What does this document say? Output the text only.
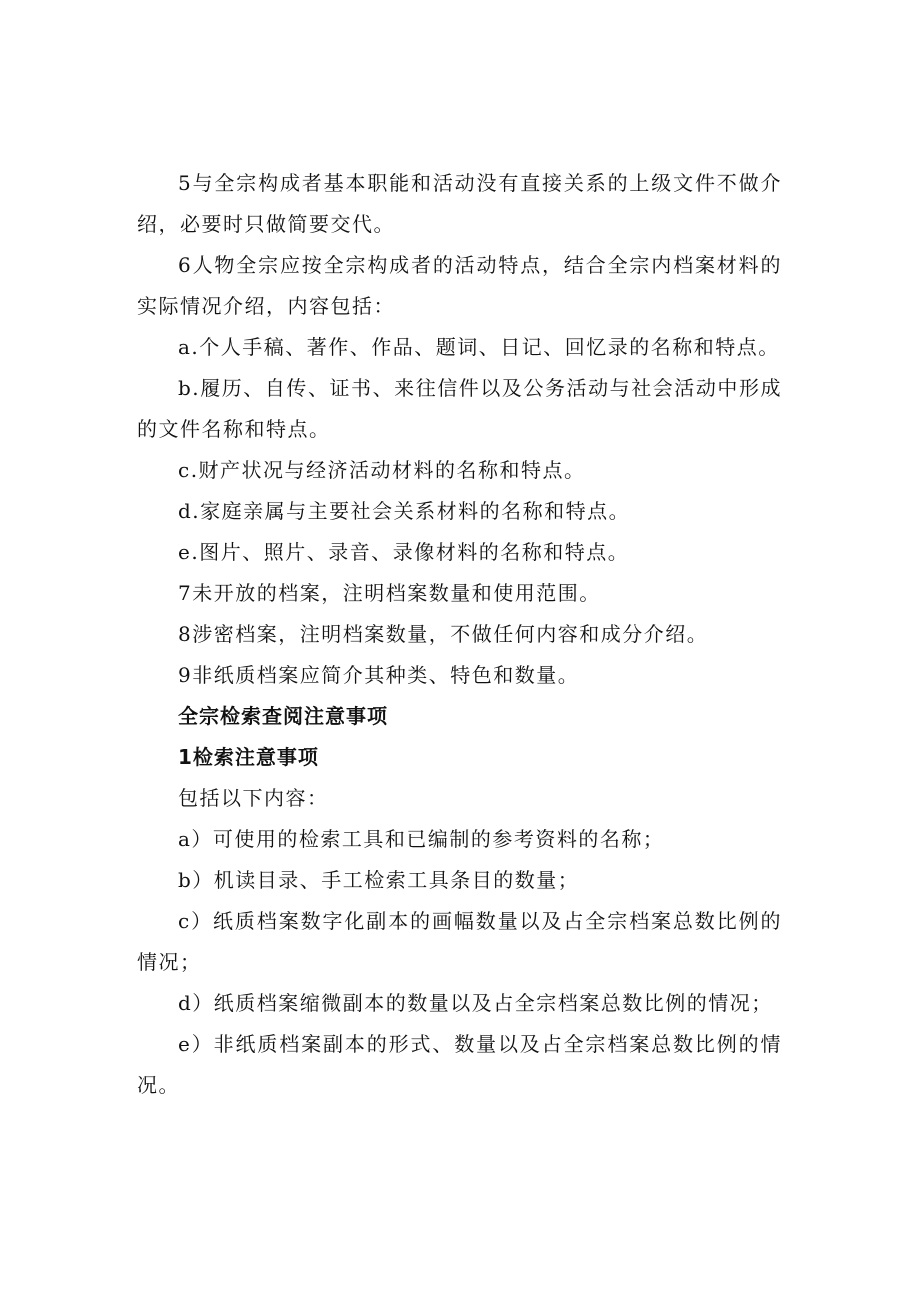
5与全宗构成者基本职能和活动没有直接关系的上级文件不做介绍，必要时只做简要交代。

6人物全宗应按全宗构成者的活动特点，结合全宗内档案材料的实际情况介绍，内容包括：

a.个人手稿、著作、作品、题词、日记、回忆录的名称和特点。

b.履历、自传、证书、来往信件以及公务活动与社会活动中形成的文件名称和特点。

c.财产状况与经济活动材料的名称和特点。

d.家庭亲属与主要社会关系材料的名称和特点。

e.图片、照片、录音、录像材料的名称和特点。

7未开放的档案，注明档案数量和使用范围。

8涉密档案，注明档案数量，不做任何内容和成分介绍。

9非纸质档案应简介其种类、特色和数量。

全宗检索查阅注意事项

1检索注意事项

包括以下内容：

a）可使用的检索工具和已编制的参考资料的名称；

b）机读目录、手工检索工具条目的数量；

c）纸质档案数字化副本的画幅数量以及占全宗档案总数比例的情况；

d）纸质档案缩微副本的数量以及占全宗档案总数比例的情况；

e）非纸质档案副本的形式、数量以及占全宗档案总数比例的情况。
